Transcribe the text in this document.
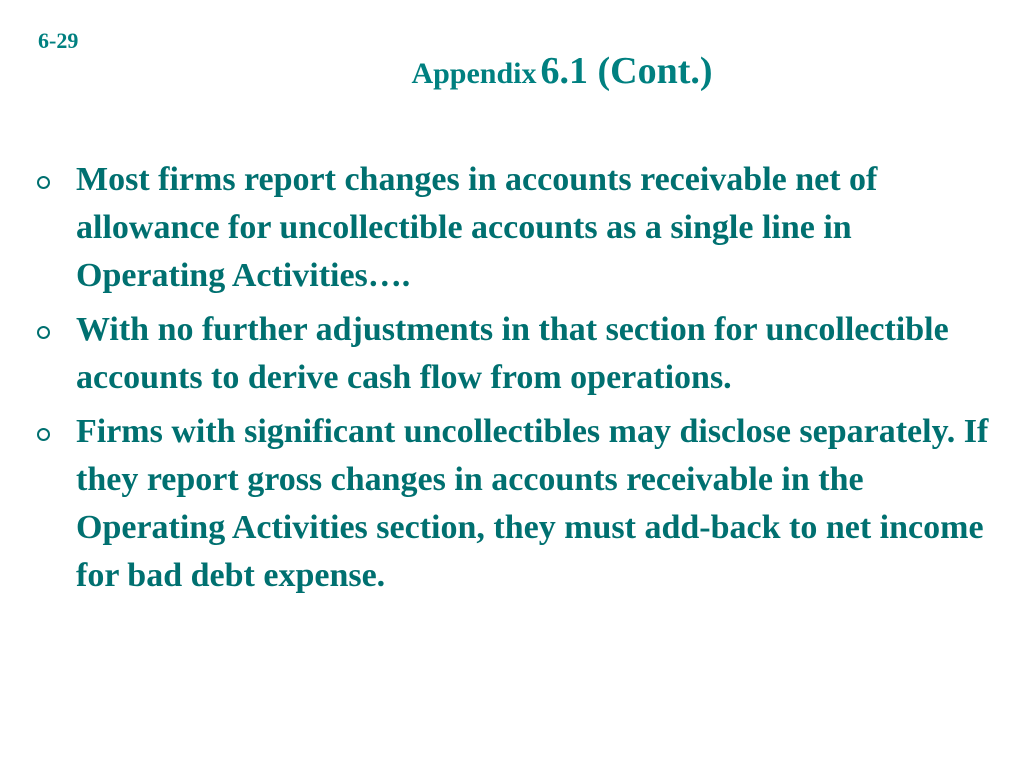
6-29
Appendix 6.1 (Cont.)
Most firms report changes in accounts receivable net of allowance for uncollectible accounts as a single line in Operating Activities….
With no further adjustments in that section for uncollectible accounts to derive cash flow from operations.
Firms with significant uncollectibles may disclose separately. If they report gross changes in accounts receivable in the Operating Activities section, they must add-back to net income for bad debt expense.
